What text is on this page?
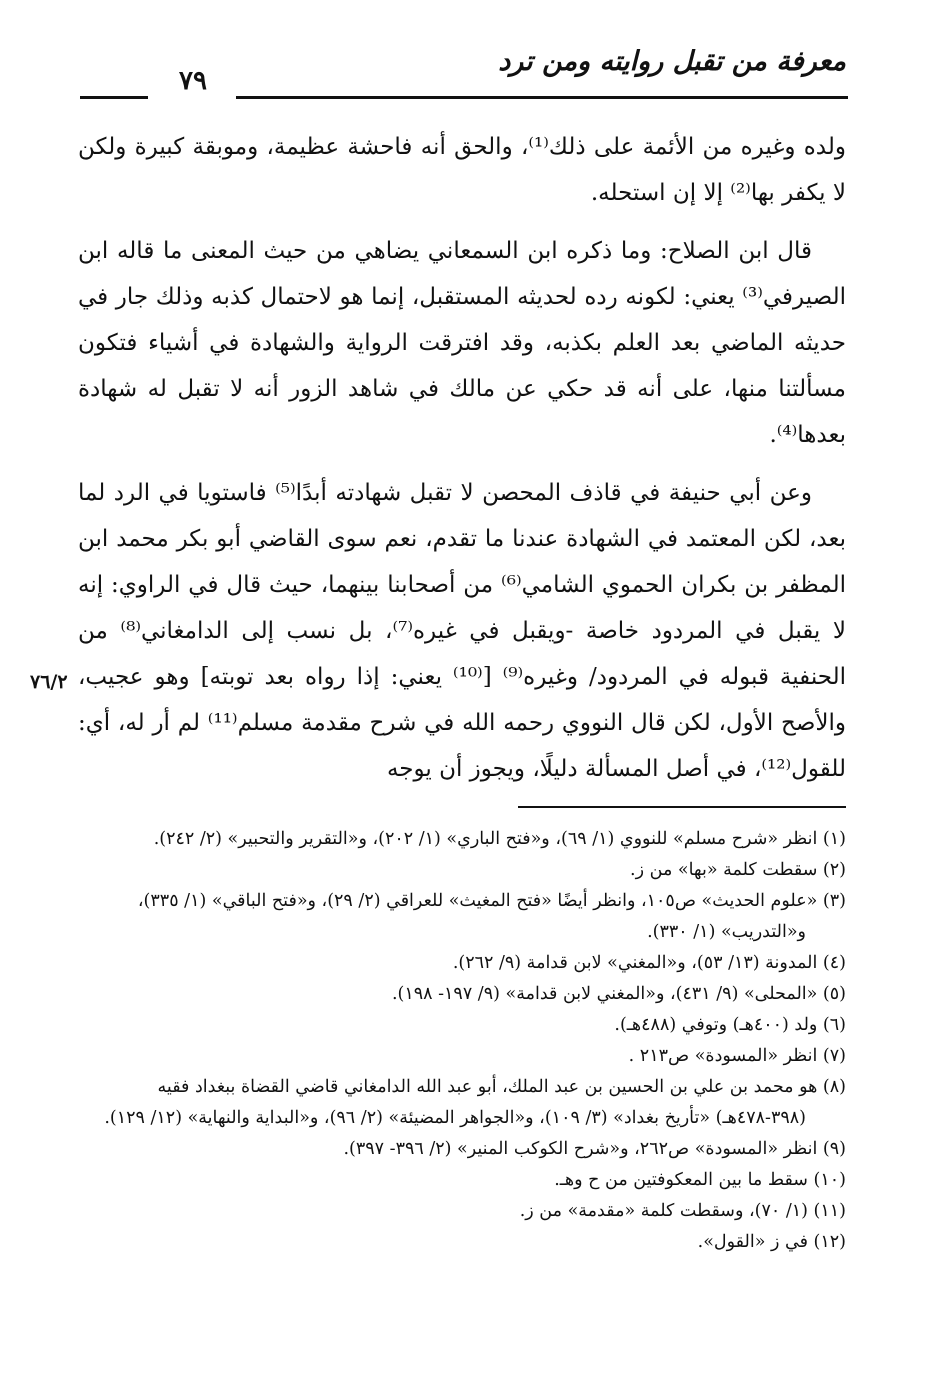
معرفة من تقبل روايته ومن ترد
٧٩

ولده وغيره من الأئمة على ذلك⁽¹⁾، والحق أنه فاحشة عظيمة، وموبقة كبيرة ولكن لا يكفر بها⁽²⁾ إلا إن استحله.

قال ابن الصلاح: وما ذكره ابن السمعاني يضاهي من حيث المعنى ما قاله ابن الصيرفي⁽³⁾ يعني: لكونه رده لحديثه المستقبل، إنما هو لاحتمال كذبه وذلك جار في حديثه الماضي بعد العلم بكذبه، وقد افترقت الرواية والشهادة في أشياء فتكون مسألتنا منها، على أنه قد حكي عن مالك في شاهد الزور أنه لا تقبل له شهادة بعدها⁽⁴⁾.

وعن أبي حنيفة في قاذف المحصن لا تقبل شهادته أبدًا⁽⁵⁾ فاستويا في الرد لما بعد، لكن المعتمد في الشهادة عندنا ما تقدم، نعم سوى القاضي أبو بكر محمد ابن المظفر بن بكران الحموي الشامي⁽⁶⁾ من أصحابنا بينهما، حيث قال في الراوي: إنه لا يقبل في المردود خاصة -ويقبل في غيره⁽⁷⁾، بل نسب إلى الدامغاني⁽⁸⁾ من الحنفية قبوله في المردود/ وغيره⁽⁹⁾ [⁽¹⁰⁾ يعني: إذا رواه بعد توبته] وهو عجيب، والأصح الأول، لكن قال النووي رحمه الله في شرح مقدمة مسلم⁽¹¹⁾ لم أر له، أي: للقول⁽¹²⁾، في أصل المسألة دليلًا، ويجوز أن يوجه

٧٦/٢
(١) انظر «شرح مسلم» للنووي (١/ ٦٩)، و«فتح الباري» (١/ ٢٠٢)، و«التقرير والتحبير» (٢/ ٢٤٢).
(٢) سقطت كلمة «بها» من ز.
(٣) «علوم الحديث» ص١٠٥، وانظر أيضًا «فتح المغيث» للعراقي (٢/ ٢٩)، و«فتح الباقي» (١/ ٣٣٥)، و«التدريب» (١/ ٣٣٠).
(٤) المدونة (١٣/ ٥٣)، و«المغني» لابن قدامة (٩/ ٢٦٢).
(٥) «المحلى» (٩/ ٤٣١)، و«المغني لابن قدامة» (٩/ ١٩٧- ١٩٨).
(٦) ولد (٤٠٠هـ) وتوفي (٤٨٨هـ).
(٧) انظر «المسودة» ص٢١٣ .
(٨) هو محمد بن علي بن الحسين بن عبد الملك، أبو عبد الله الدامغاني قاضي القضاة ببغداد فقيه (٣٩٨-٤٧٨هـ) «تأريخ بغداد» (٣/ ١٠٩)، و«الجواهر المضيئة» (٢/ ٩٦)، و«البداية والنهاية» (١٢/ ١٢٩).
(٩) انظر «المسودة» ص٢٦٢، و«شرح الكوكب المنير» (٢/ ٣٩٦- ٣٩٧).
(١٠) سقط ما بين المعكوفتين من ح وهـ.
(١١) (١/ ٧٠)، وسقطت كلمة «مقدمة» من ز.
(١٢) في ز «القول».
